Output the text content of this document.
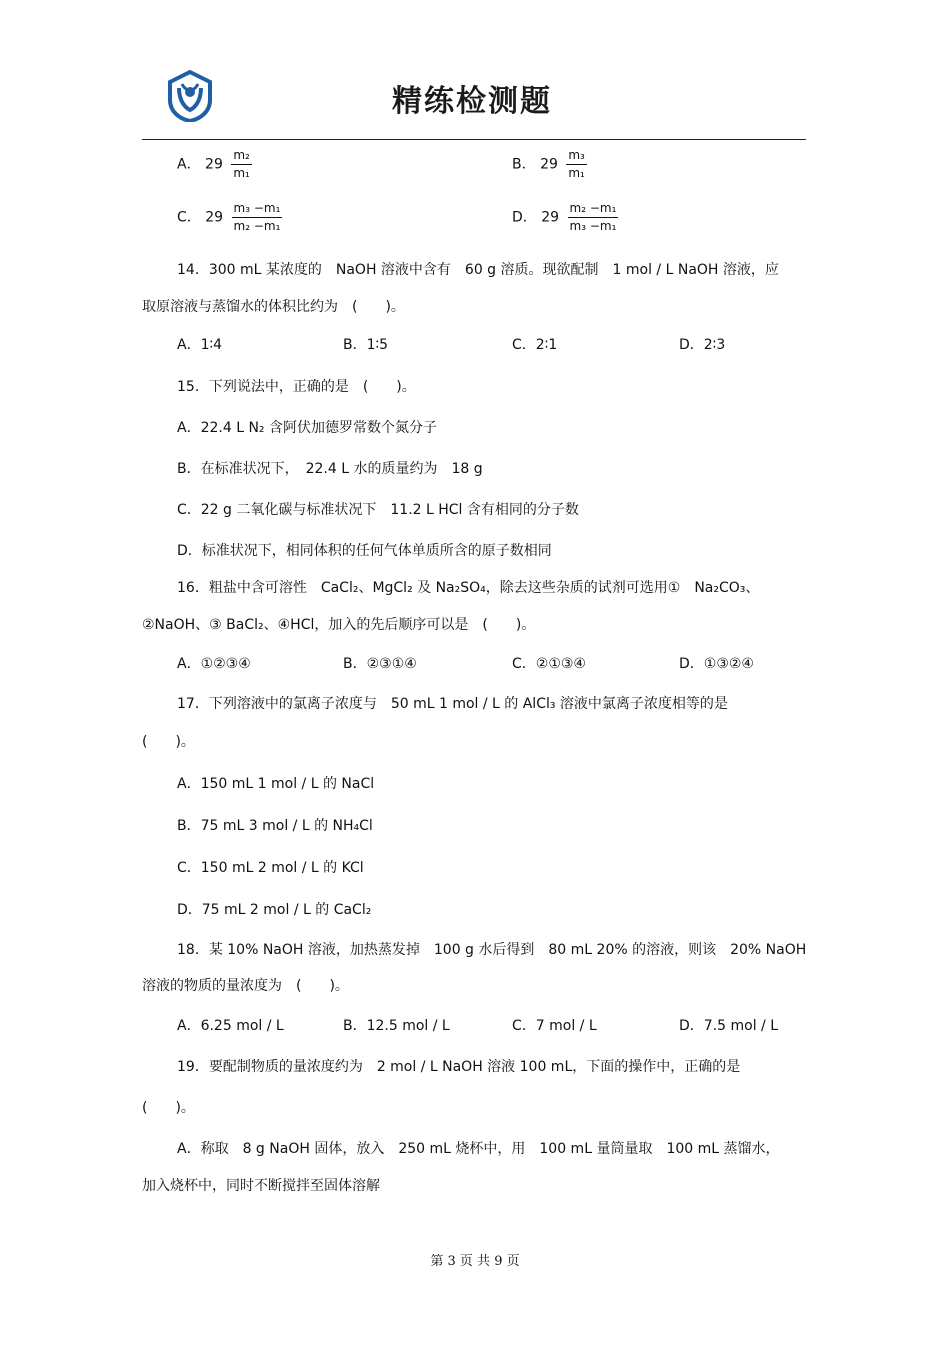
精练检测题
A． $29 \frac{\text{m₂}}{\text{m₁}}$	B． $29 \frac{\text{m₃}}{\text{m₁}}$
C． $29 \frac{\text{m₃ −m₁}}{\text{m₂ −m₁}}$	D． $29 \frac{\text{m₂ −m₁}}{\text{m₃ −m₁}}$
14．300 mL 某浓度的　NaOH 溶液中含有　60 g 溶质。现欲配制　1 mol / L NaOH 溶液，应
取原溶液与蒸馏水的体积比约为　(　　)。
A．1∶4	B．1∶5	C．2∶1	D．2∶3
15．下列说法中，正确的是　(　　)。
A．22.4 L N₂ 含阿伏加德罗常数个氮分子
B．在标准状况下，　22.4 L 水的质量约为　18 g
C．22 g 二氧化碳与标准状况下　11.2 L HCl 含有相同的分子数
D．标准状况下，相同体积的任何气体单质所含的原子数相同
16．粗盐中含可溶性　CaCl₂、MgCl₂ 及 Na₂SO₄，除去这些杂质的试剂可选用①　Na₂CO₃、
②NaOH、③ BaCl₂、④HCl，加入的先后顺序可以是　(　　)。
A．①②③④	B．②③①④	C．②①③④	D．①③②④
17．下列溶液中的氯离子浓度与　50 mL 1 mol / L 的 AlCl₃ 溶液中氯离子浓度相等的是
(　　)。
A．150 mL 1 mol / L 的 NaCl
B．75 mL 3 mol / L 的 NH₄Cl
C．150 mL 2 mol / L 的 KCl
D．75 mL 2 mol / L 的 CaCl₂
18．某 10% NaOH 溶液，加热蒸发掉　100 g 水后得到　80 mL 20% 的溶液，则该　20% NaOH
溶液的物质的量浓度为　(　　)。
A．6.25 mol / L	B．12.5 mol / L	C．7 mol / L	D．7.5 mol / L
19．要配制物质的量浓度约为　2 mol / L NaOH 溶液 100 mL，下面的操作中，正确的是
(　　)。
A．称取　8 g NaOH 固体，放入　250 mL 烧杯中，用　100 mL 量筒量取　100 mL 蒸馏水，
加入烧杯中，同时不断搅拌至固体溶解
第 3 页 共 9 页
